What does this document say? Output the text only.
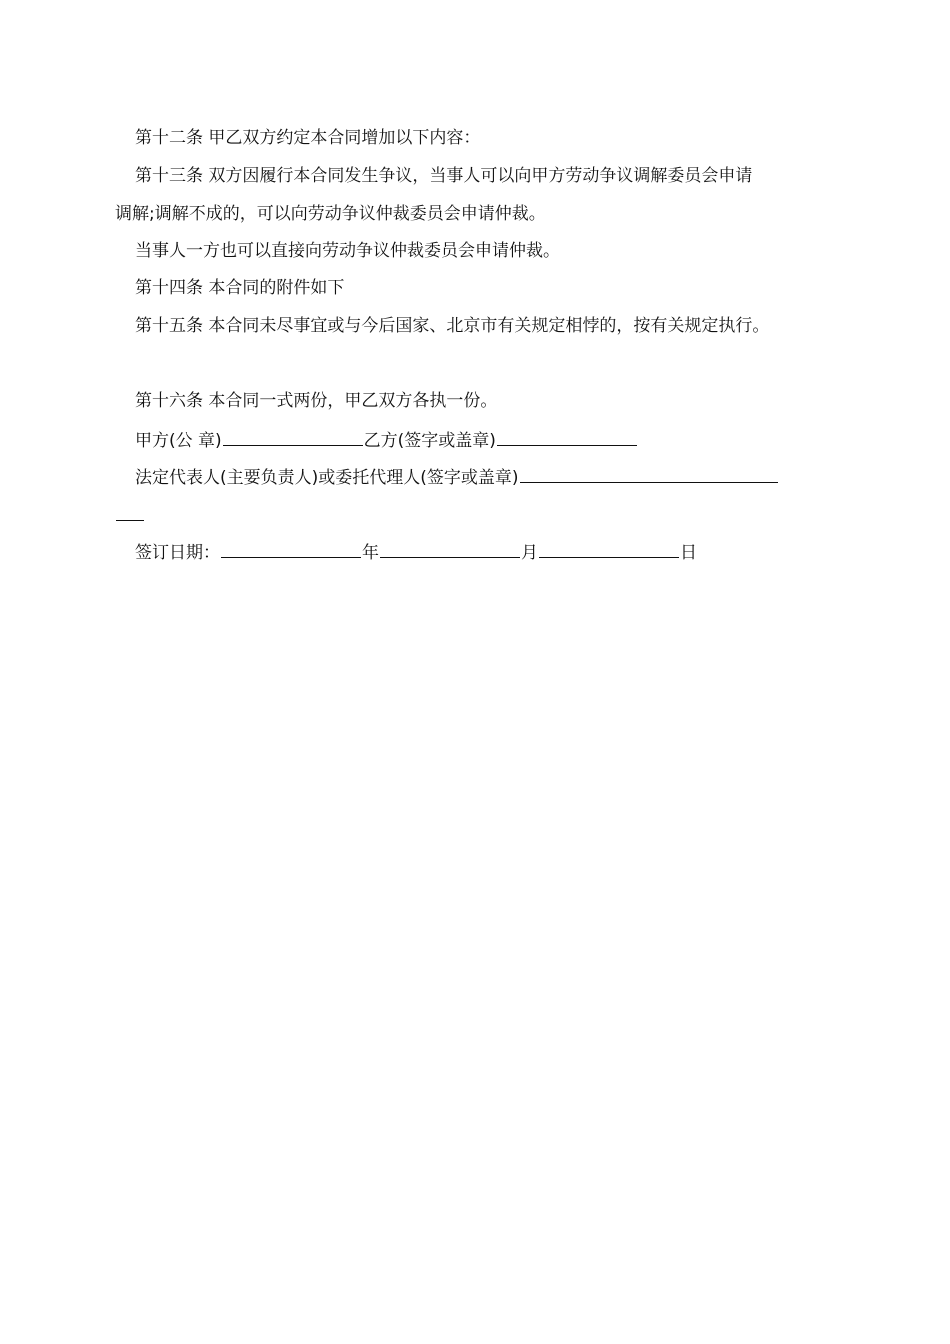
第十二条 甲乙双方约定本合同增加以下内容：
第十三条 双方因履行本合同发生争议，当事人可以向甲方劳动争议调解委员会申请
调解;调解不成的，可以向劳动争议仲裁委员会申请仲裁。
当事人一方也可以直接向劳动争议仲裁委员会申请仲裁。
第十四条 本合同的附件如下
第十五条 本合同未尽事宜或与今后国家、北京市有关规定相悖的，按有关规定执行。
第十六条 本合同一式两份，甲乙双方各执一份。
甲方(公 章)	乙方(签字或盖章)
法定代表人(主要负责人)或委托代理人(签字或盖章)
签订日期：	年	月	日
